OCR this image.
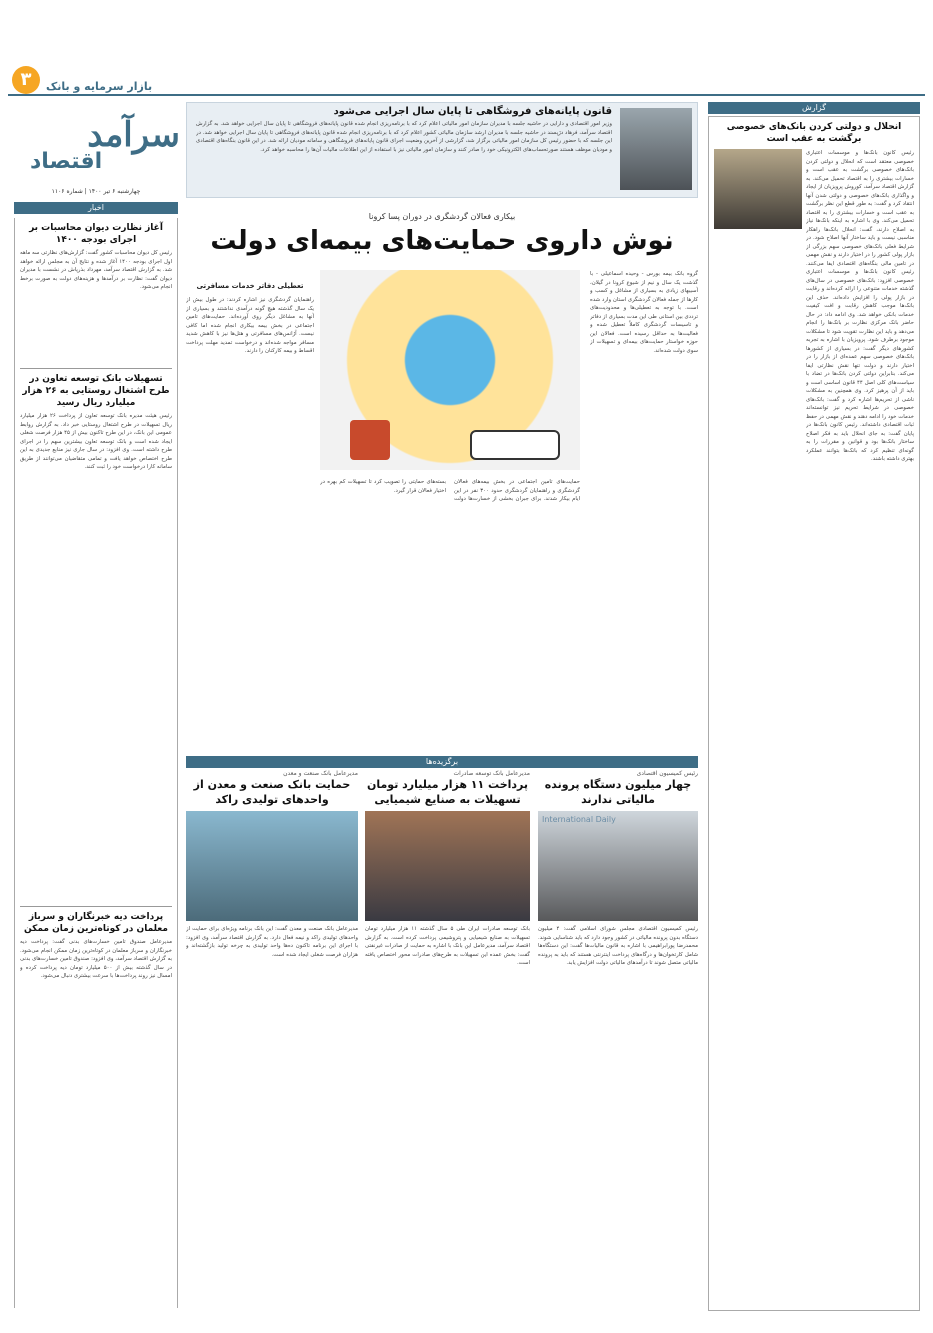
۳	بازار سرمایه و بانک
سرآمد
اقتصاد
چهارشنبه ۶ تیر ۱۴۰۰ | شماره ۱۱۰۶
اخبار
آغاز نظارت دیوان محاسبات بر اجرای بودجه ۱۴۰۰
رئیس کل دیوان محاسبات کشور گفت: گزارش‌های نظارتی سه ماهه اول اجرای بودجه ۱۴۰۰ آغاز شده و نتایج آن به مجلس ارائه خواهد شد. به گزارش اقتصاد سرآمد، مهرداد بذرپاش در نشست با مدیران دیوان گفت: نظارت بر درآمدها و هزینه‌های دولت به صورت برخط انجام می‌شود.
تسهیلات بانک توسعه تعاون در طرح اشتغال روستایی به ۲۶ هزار میلیارد ریال رسید
رئیس هیئت مدیره بانک توسعه تعاون از پرداخت ۲۶ هزار میلیارد ریال تسهیلات در طرح اشتغال روستایی خبر داد. به گزارش روابط عمومی این بانک، در این طرح تاکنون بیش از ۴۵ هزار فرصت شغلی ایجاد شده است و بانک توسعه تعاون بیشترین سهم را در اجرای طرح داشته است. وی افزود: در سال جاری نیز منابع جدیدی به این طرح اختصاص خواهد یافت و تمامی متقاضیان می‌توانند از طریق سامانه کارا درخواست خود را ثبت کنند.
پرداخت دیه خبرنگاران و سرباز معلمان در کوتاه‌ترین زمان ممکن
مدیرعامل صندوق تامین خسارت‌های بدنی گفت: پرداخت دیه خبرنگاران و سرباز معلمان در کوتاه‌ترین زمان ممکن انجام می‌شود. به گزارش اقتصاد سرآمد، وی افزود: صندوق تامین خسارت‌های بدنی در سال گذشته بیش از ۵۰۰ میلیارد تومان دیه پرداخت کرده و امسال نیز روند پرداخت‌ها با سرعت بیشتری دنبال می‌شود.
قانون پایانه‌های فروشگاهی تا پایان سال اجرایی می‌شود
وزیر امور اقتصادی و دارایی در حاشیه جلسه با مدیران سازمان امور مالیاتی اعلام کرد که با برنامه‌ریزی انجام شده قانون پایانه‌های فروشگاهی تا پایان سال اجرایی خواهد شد. به گزارش اقتصاد سرآمد، فرهاد دژپسند در حاشیه جلسه با مدیران ارشد سازمان مالیاتی کشور اعلام کرد که با برنامه‌ریزی انجام شده قانون پایانه‌های فروشگاهی تا پایان سال اجرایی خواهد شد. در این جلسه که با حضور رئیس کل سازمان امور مالیاتی برگزار شد، گزارشی از آخرین وضعیت اجرای قانون پایانه‌های فروشگاهی و سامانه مودیان ارائه شد. در این قانون بنگاه‌های اقتصادی و مودیان موظف هستند صورتحساب‌های الکترونیکی خود را صادر کنند و سازمان امور مالیاتی نیز با استفاده از این اطلاعات مالیات آن‌ها را محاسبه خواهد کرد.
گزارش
انحلال و دولتی کردن بانک‌های خصوصی برگشت به عقب است
رئیس کانون بانک‌ها و موسسات اعتباری خصوصی معتقد است که انحلال و دولتی کردن بانک‌های خصوصی برگشت به عقب است و خسارات بیشتری را به اقتصاد تحمیل می‌کند. به گزارش اقتصاد سرآمد، کوروش پرویزیان از ایجاد و واگذاری بانک‌های خصوصی و دولتی شدن آنها انتقاد کرد و گفت: به طور قطع این نظر برگشت به عقب است و خسارات بیشتری را به اقتصاد تحمیل می‌کند. وی با اشاره به اینکه بانک‌ها نیاز به اصلاح دارند، گفت: انحلال بانک‌ها راهکار مناسبی نیست و باید ساختار آنها اصلاح شود. در شرایط فعلی بانک‌های خصوصی سهم بزرگی از بازار پولی کشور را در اختیار دارند و نقش مهمی در تامین مالی بنگاه‌های اقتصادی ایفا می‌کنند. رئیس کانون بانک‌ها و موسسات اعتباری خصوصی افزود: بانک‌های خصوصی در سال‌های گذشته خدمات متنوعی را ارائه کرده‌اند و رقابت در بازار پولی را افزایش داده‌اند. حذف این بانک‌ها موجب کاهش رقابت و افت کیفیت خدمات بانکی خواهد شد. وی ادامه داد: در حال حاضر بانک مرکزی نظارت بر بانک‌ها را انجام می‌دهد و باید این نظارت تقویت شود تا مشکلات موجود برطرف شود. پرویزیان با اشاره به تجربه کشورهای دیگر گفت: در بسیاری از کشورها بانک‌های خصوصی سهم عمده‌ای از بازار را در اختیار دارند و دولت تنها نقش نظارتی ایفا می‌کند. بنابراین دولتی کردن بانک‌ها در تضاد با سیاست‌های کلی اصل ۴۴ قانون اساسی است و باید از آن پرهیز کرد. وی همچنین به مشکلات ناشی از تحریم‌ها اشاره کرد و گفت: بانک‌های خصوصی در شرایط تحریم نیز توانسته‌اند خدمات خود را ادامه دهند و نقش مهمی در حفظ ثبات اقتصادی داشته‌اند. رئیس کانون بانک‌ها در پایان گفت: به جای انحلال باید به فکر اصلاح ساختار بانک‌ها بود و قوانین و مقررات را به گونه‌ای تنظیم کرد که بانک‌ها بتوانند عملکرد بهتری داشته باشند.
بیکاری فعالان گردشگری در دوران پسا کرونا
نوش دارو‌ی حمایت‌های بیمه‌ای دولت
گروه بانک بیمه بورس - وحیده اسماعیلی - با گذشت یک سال و نیم از شیوع کرونا در گیلان، آسیبهای زیادی به بسیاری از مشاغل و کسب و کارها از جمله فعالان گردشگری استان وارد شده است. با توجه به تعطیلی‌ها و محدودیت‌های ترددی بین استانی طی این مدت بسیاری از دفاتر و تاسیسات گردشگری کاملاً تعطیل شده و فعالیت‌ها به حداقل رسیده است. فعالان این حوزه خواستار حمایت‌های بیمه‌ای و تسهیلات از سوی دولت شده‌اند.
تعطیلی دفاتر خدمات مسافرتی
راهنمایان گردشگری نیز اشاره کردند: در طول بیش از یک سال گذشته هیچ گونه درآمدی نداشتند و بسیاری از آنها به مشاغل دیگر روی آورده‌اند. حمایت‌های تامین اجتماعی در بخش بیمه بیکاری انجام شده اما کافی نیست. آژانس‌های مسافرتی و هتل‌ها نیز با کاهش شدید مسافر مواجه شده‌اند و درخواست تمدید مهلت پرداخت اقساط و بیمه کارکنان را دارند.
حمایت‌های تامین اجتماعی در بخش بیمه‌های فعالان گردشگری و راهنمایان گردشگری حدود ۳۰۰ نفر در این ایام بیکار شدند. برای جبران بخشی از خسارت‌ها دولت بسته‌های حمایتی را تصویب کرد تا تسهیلات کم بهره در اختیار فعالان قرار گیرد.
برگزیده‌ها
رئیس کمیسیون اقتصادی
چهار میلیون دستگاه پرونده مالیاتی ندارند
International Daily
رئیس کمیسیون اقتصادی مجلس شورای اسلامی گفت: ۴ میلیون دستگاه بدون پرونده مالیاتی در کشور وجود دارد که باید شناسایی شوند. محمدرضا پورابراهیمی با اشاره به قانون مالیات‌ها گفت: این دستگاه‌ها شامل کارتخوان‌ها و درگاه‌های پرداخت اینترنتی هستند که باید به پرونده مالیاتی متصل شوند تا درآمدهای مالیاتی دولت افزایش یابد.
مدیرعامل بانک توسعه صادرات
پرداخت ۱۱ هزار میلیارد تومان تسهیلات به صنایع شیمیایی
بانک توسعه صادرات ایران طی ۵ سال گذشته ۱۱ هزار میلیارد تومان تسهیلات به صنایع شیمیایی و پتروشیمی پرداخت کرده است. به گزارش اقتصاد سرآمد، مدیرعامل این بانک با اشاره به حمایت از صادرات غیرنفتی گفت: بخش عمده این تسهیلات به طرح‌های صادرات محور اختصاص یافته است.
مدیرعامل بانک صنعت و معدن
حمایت بانک صنعت و معدن از واحدهای تولیدی راکد
مدیرعامل بانک صنعت و معدن گفت: این بانک برنامه ویژه‌ای برای حمایت از واحدهای تولیدی راکد و نیمه فعال دارد. به گزارش اقتصاد سرآمد، وی افزود: با اجرای این برنامه تاکنون ده‌ها واحد تولیدی به چرخه تولید بازگشته‌اند و هزاران فرصت شغلی ایجاد شده است.
